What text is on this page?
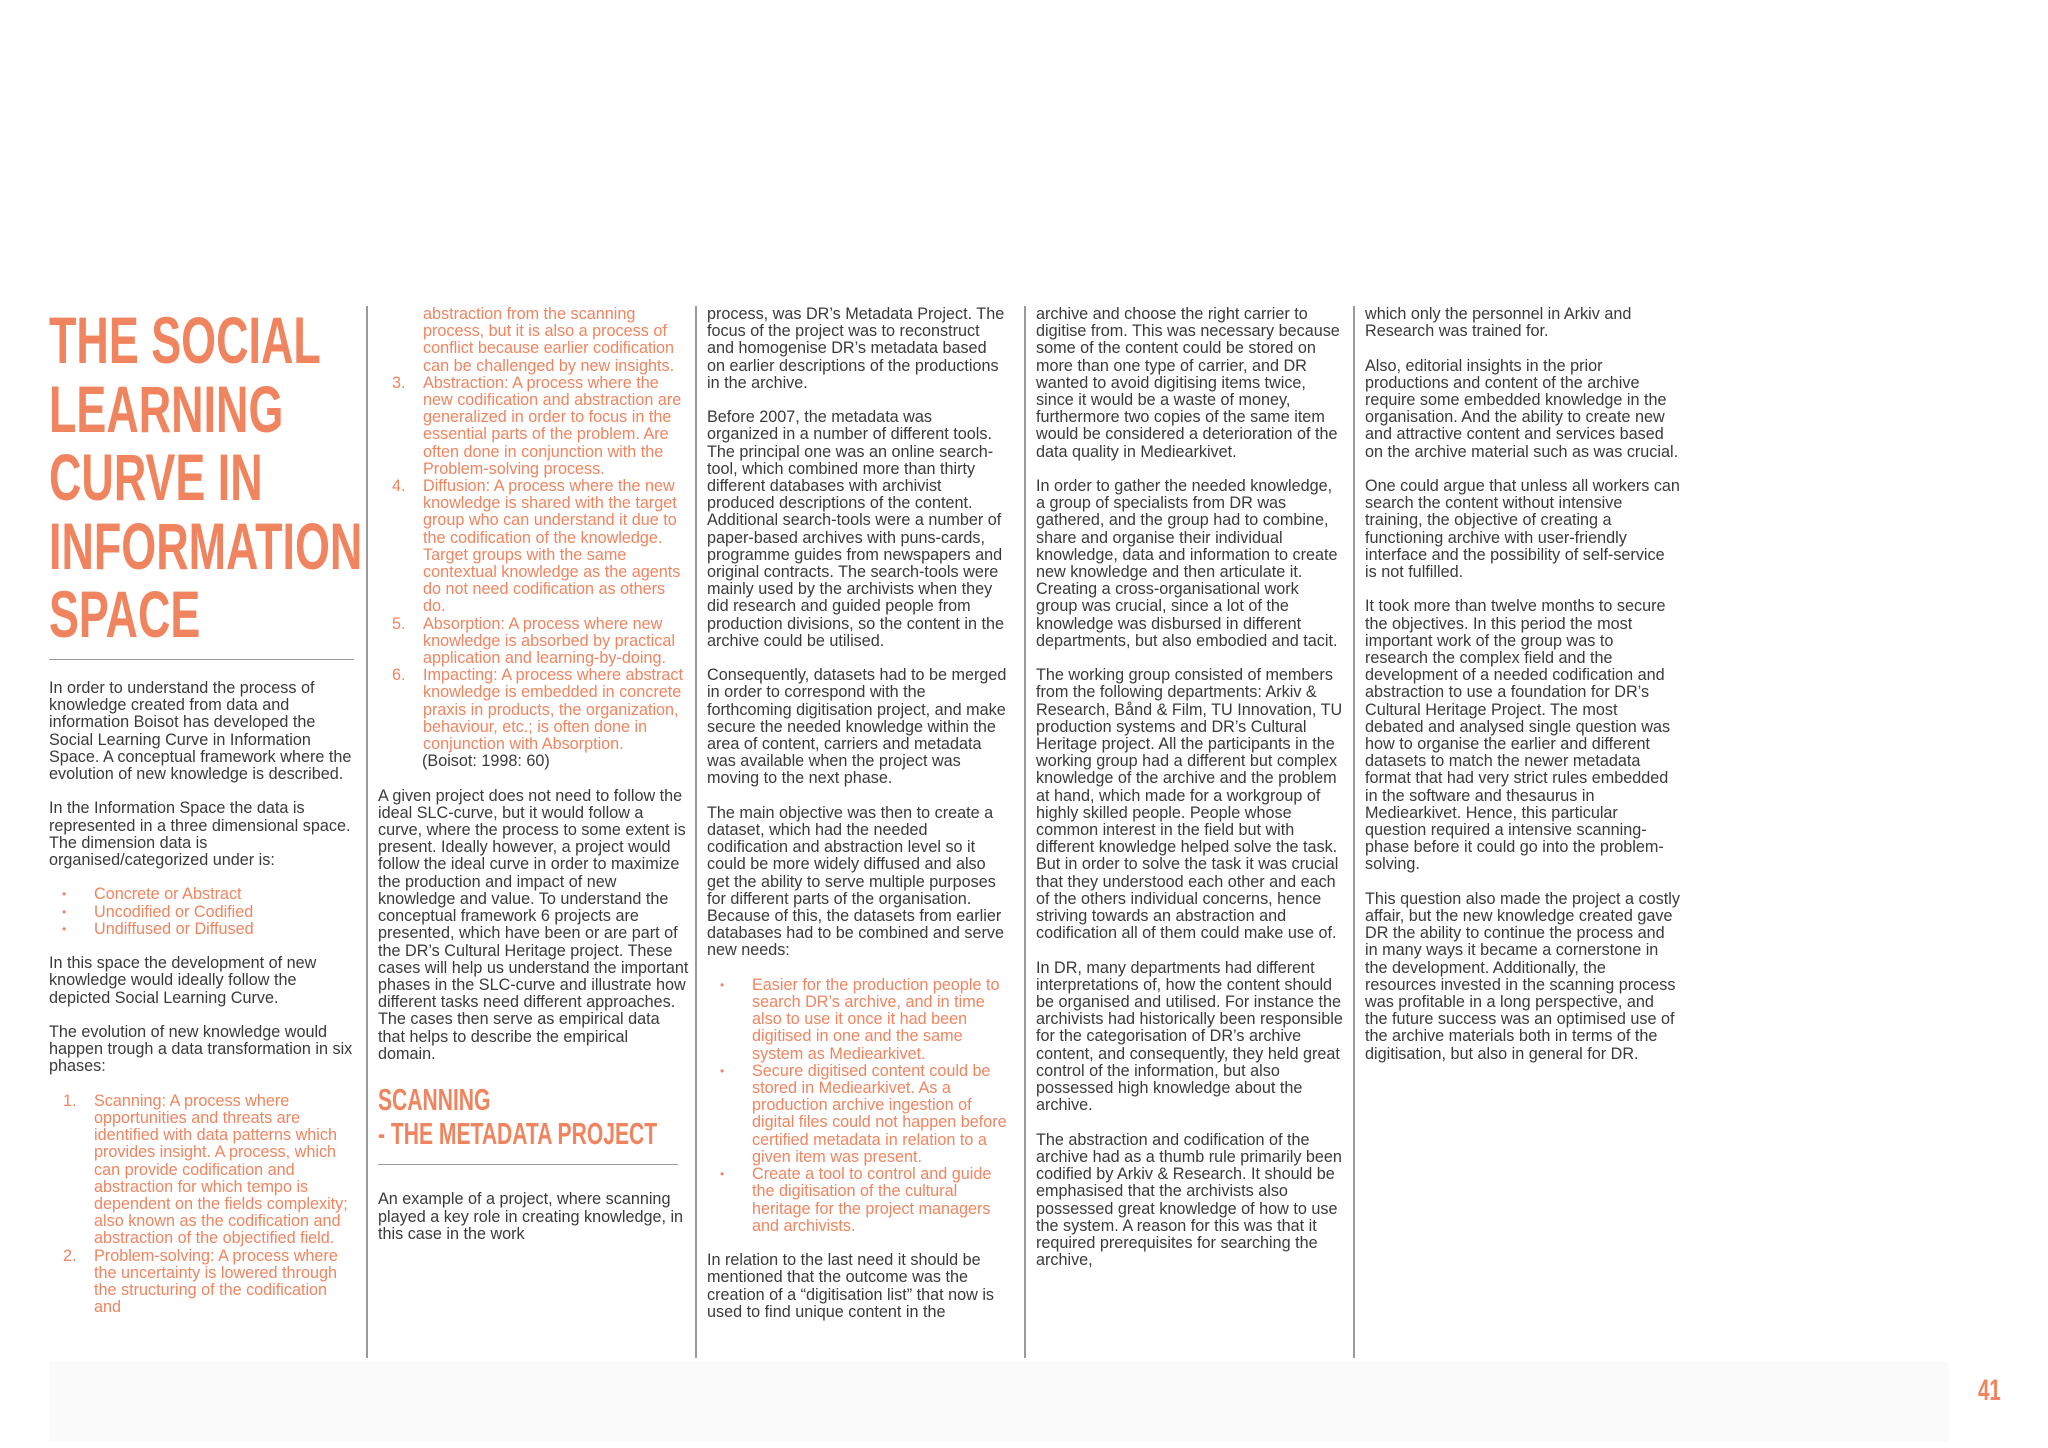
THE SOCIAL
LEARNING
CURVE IN
INFORMATION
SPACE

In order to understand the process of knowledge created from data and information Boisot has developed the Social Learning Curve in Information Space. A conceptual framework where the evolution of new knowledge is described.

In the Information Space the data is represented in a three dimensional space. The dimension data is organised/categorized under is:

• Concrete or Abstract
• Uncodified or Codified
• Undiffused or Diffused

In this space the development of new knowledge would ideally follow the depicted Social Learning Curve.

The evolution of new knowledge would happen trough a data transformation in six phases:

1. Scanning: A process where opportunities and threats are identified with data patterns which provides insight. A process, which can provide codification and abstraction for which tempo is dependent on the fields complexity; also known as the codification and abstraction of the objectified field.
2. Problem-solving: A process where the uncertainty is lowered through the structuring of the codification and
abstraction from the scanning process, but it is also a process of conflict because earlier codification can be challenged by new insights.
3. Abstraction: A process where the new codification and abstraction are generalized in order to focus in the essential parts of the problem. Are often done in conjunction with the Problem-solving process.
4. Diffusion: A process where the new knowledge is shared with the target group who can understand it due to the codification of the knowledge. Target groups with the same contextual knowledge as the agents do not need codification as others do.
5. Absorption: A process where new knowledge is absorbed by practical application and learning-by-doing.
6. Impacting: A process where abstract knowledge is embedded in concrete praxis in products, the organization, behaviour, etc.; is often done in conjunction with Absorption.

(Boisot: 1998: 60)

A given project does not need to follow the ideal SLC-curve, but it would follow a curve, where the process to some extent is present. Ideally however, a project would follow the ideal curve in order to maximize the production and impact of new knowledge and value. To understand the conceptual framework 6 projects are presented, which have been or are part of the DR’s Cultural Heritage project. These cases will help us understand the important phases in the SLC-curve and illustrate how different tasks need different approaches. The cases then serve as empirical data that helps to describe the empirical domain.

SCANNING
- THE METADATA PROJECT

An example of a project, where scanning played a key role in creating knowledge, in this case in the work

process, was DR’s Metadata Project. The focus of the project was to reconstruct and homogenise DR’s metadata based on earlier descriptions of the productions in the archive.

Before 2007, the metadata was organized in a number of different tools. The principal one was an online search-tool, which combined more than thirty different databases with archivist produced descriptions of the content. Additional search-tools were a number of paper-based archives with puns-cards, programme guides from newspapers and original contracts. The search-tools were mainly used by the archivists when they did research and guided people from production divisions, so the content in the archive could be utilised.

Consequently, datasets had to be merged in order to correspond with the forthcoming digitisation project, and make secure the needed knowledge within the area of content, carriers and metadata was available when the project was moving to the next phase.

The main objective was then to create a dataset, which had the needed codification and abstraction level so it could be more widely diffused and also get the ability to serve multiple purposes for different parts of the organisation. Because of this, the datasets from earlier databases had to be combined and serve new needs:

• Easier for the production people to search DR’s archive, and in time also to use it once it had been digitised in one and the same system as Mediearkivet.
• Secure digitised content could be stored in Mediearkivet. As a production archive ingestion of digital files could not happen before certified metadata in relation to a given item was present.
• Create a tool to control and guide the digitisation of the cultural heritage for the project managers and archivists.

In relation to the last need it should be mentioned that the outcome was the creation of a “digitisation list” that now is used to find unique content in the

archive and choose the right carrier to digitise from. This was necessary because some of the content could be stored on more than one type of carrier, and DR wanted to avoid digitising items twice, since it would be a waste of money, furthermore two copies of the same item would be considered a deterioration of the data quality in Mediearkivet.

In order to gather the needed knowledge, a group of specialists from DR was gathered, and the group had to combine, share and organise their individual knowledge, data and information to create new knowledge and then articulate it. Creating a cross-organisational work group was crucial, since a lot of the knowledge was disbursed in different departments, but also embodied and tacit.

The working group consisted of members from the following departments: Arkiv & Research, Bånd & Film, TU Innovation, TU production systems and DR’s Cultural Heritage project. All the participants in the working group had a different but complex knowledge of the archive and the problem at hand, which made for a workgroup of highly skilled people. People whose common interest in the field but with different knowledge helped solve the task. But in order to solve the task it was crucial that they understood each other and each of the others individual concerns, hence striving towards an abstraction and codification all of them could make use of.

In DR, many departments had different interpretations of, how the content should be organised and utilised. For instance the archivists had historically been responsible for the categorisation of DR’s archive content, and consequently, they held great control of the information, but also possessed high knowledge about the archive.

The abstraction and codification of the archive had as a thumb rule primarily been codified by Arkiv & Research. It should be emphasised that the archivists also possessed great knowledge of how to use the system. A reason for this was that it required prerequisites for searching the archive,

which only the personnel in Arkiv and Research was trained for.

Also, editorial insights in the prior productions and content of the archive require some embedded knowledge in the organisation. And the ability to create new and attractive content and services based on the archive material such as was crucial.

One could argue that unless all workers can search the content without intensive training, the objective of creating a functioning archive with user-friendly interface and the possibility of self-service is not fulfilled.

It took more than twelve months to secure the objectives. In this period the most important work of the group was to research the complex field and the development of a needed codification and abstraction to use a foundation for DR’s Cultural Heritage Project. The most debated and analysed single question was how to organise the earlier and different datasets to match the newer metadata format that had very strict rules embedded in the software and thesaurus in Mediearkivet. Hence, this particular question required a intensive scanning-phase before it could go into the problem-solving.

This question also made the project a costly affair, but the new knowledge created gave DR the ability to continue the process and in many ways it became a cornerstone in the development. Additionally, the resources invested in the scanning process was profitable in a long perspective, and the future success was an optimised use of the archive materials both in terms of the digitisation, but also in general for DR.

41
